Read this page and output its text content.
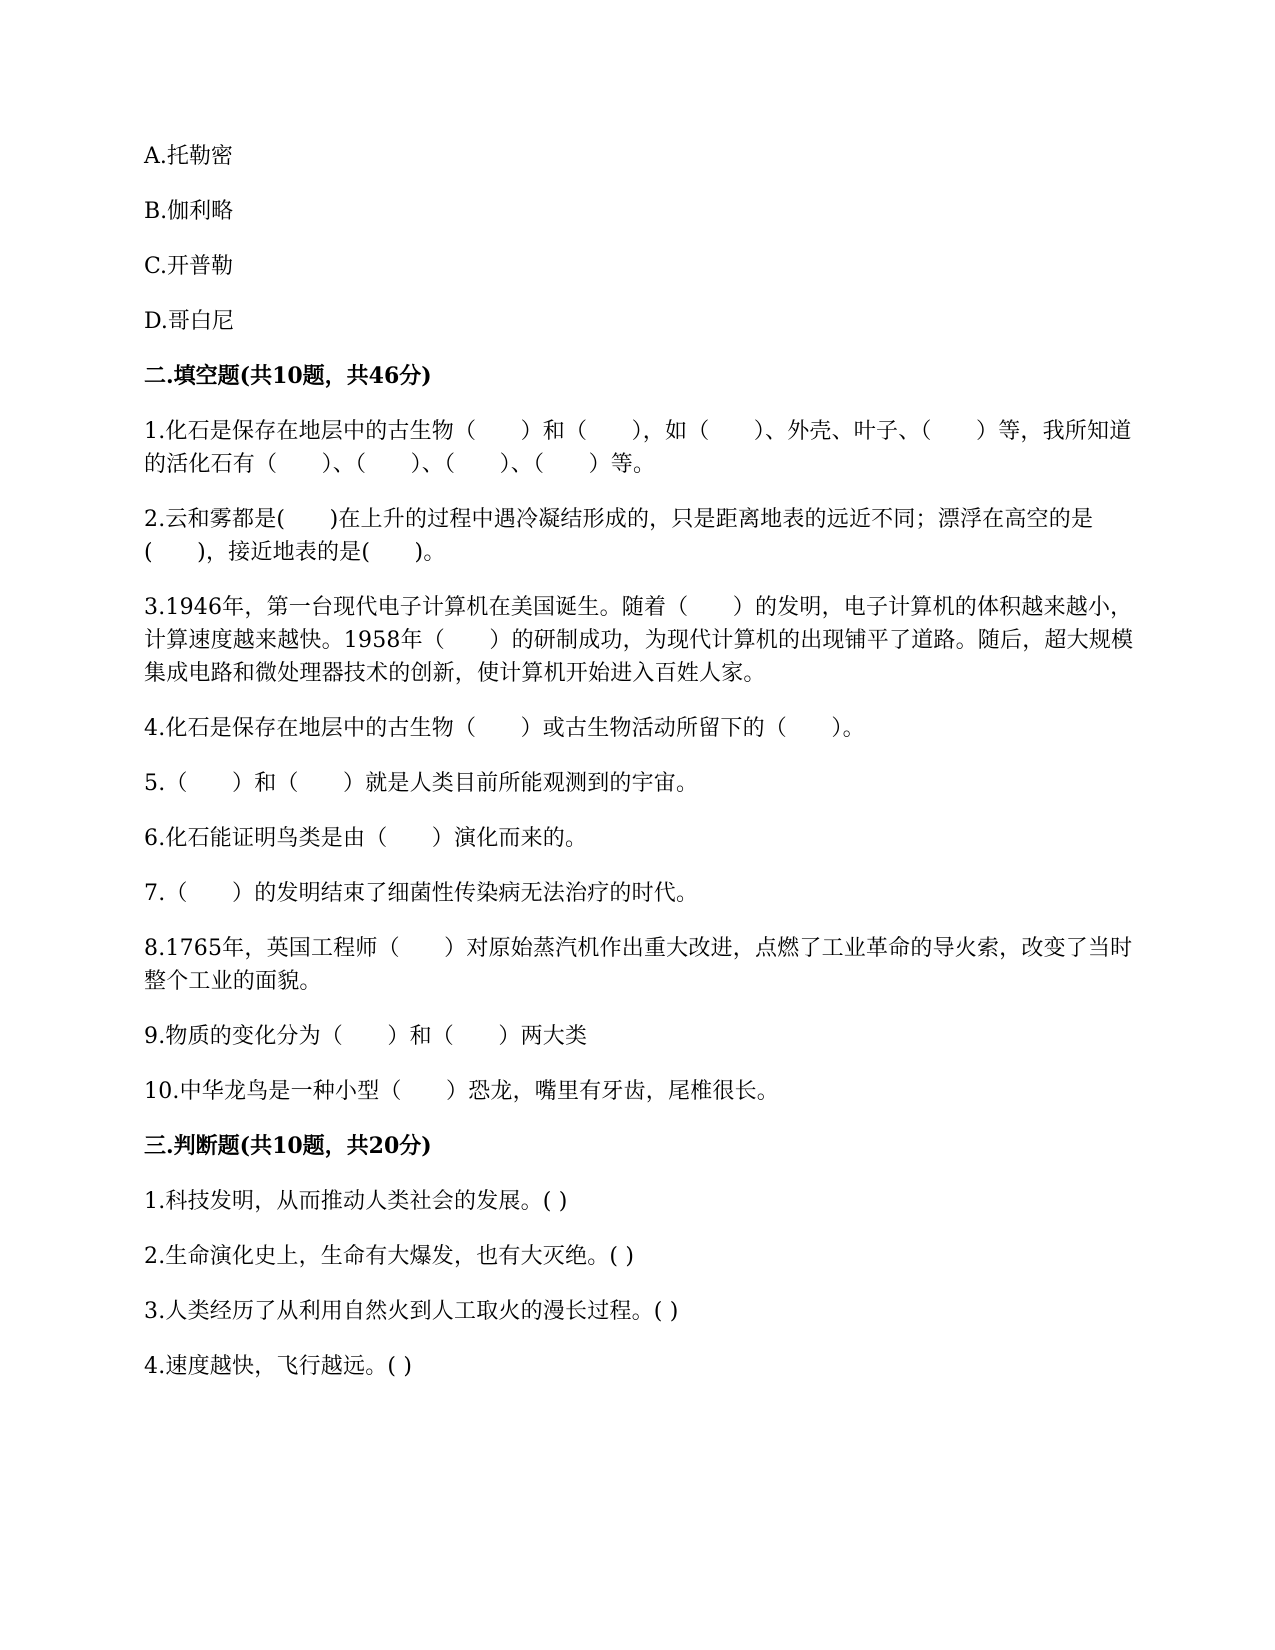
A.托勒密
B.伽利略
C.开普勒
D.哥白尼
二.填空题(共10题，共46分)
1.化石是保存在地层中的古生物（　　）和（　　），如（　　）、外壳、叶子、（　　）等，我所知道的活化石有（　　）、（　　）、（　　）、（　　）等。
2.云和雾都是(　　)在上升的过程中遇冷凝结形成的，只是距离地表的远近不同；漂浮在高空的是(　　)，接近地表的是(　　)。
3.1946年，第一台现代电子计算机在美国诞生。随着（　　）的发明，电子计算机的体积越来越小，计算速度越来越快。1958年（　　）的研制成功，为现代计算机的出现铺平了道路。随后，超大规模集成电路和微处理器技术的创新，使计算机开始进入百姓人家。
4.化石是保存在地层中的古生物（　　）或古生物活动所留下的（　　）。
5.（　　）和（　　）就是人类目前所能观测到的宇宙。
6.化石能证明鸟类是由（　　）演化而来的。
7.（　　）的发明结束了细菌性传染病无法治疗的时代。
8.1765年，英国工程师（　　）对原始蒸汽机作出重大改进，点燃了工业革命的导火索，改变了当时整个工业的面貌。
9.物质的变化分为（　　）和（　　）两大类
10.中华龙鸟是一种小型（　　）恐龙，嘴里有牙齿，尾椎很长。
三.判断题(共10题，共20分)
1.科技发明，从而推动人类社会的发展。( )
2.生命演化史上，生命有大爆发，也有大灭绝。( )
3.人类经历了从利用自然火到人工取火的漫长过程。( )
4.速度越快，飞行越远。( )
